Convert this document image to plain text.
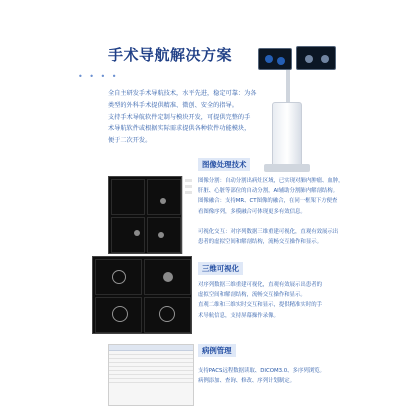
手术导航解决方案
• • • •
全自主研发手术导航技术，水平先进，稳定可靠：为各
类型的外科手术提供精准、微创、安全的指导。
支持手术导航软件定制与模块开发，可提供完整的手
术导航软件或根据实际需求提供各种软件功能模块，
便于二次开发。
图像处理技术
图像分割：自动分割出病灶区域，已实现对肺内肿瘤、血肿，
肝脏、心脏等部位的自动分割，AI辅助分割肺内解剖结构。
图像融合：支持MR、CT图像的融合，在同一框架下方便查
看图像序列，多模融合可体现更多有效信息。
可视化交互：对序列数据三维重建可视化，直观有效展示出
患者的虚拟空间和解剖结构，流畅交互操作和显示。
三维可视化
对序列数据三维重建可视化，直观有效展示出患者的
虚拟空间和解剖结构，流畅交互操作和显示。
直观二维和三维实时交互和显示，提供精准实时的手
术导航信息，支持屏幕操作录像。
病例管理
支持PACS远程数据读取、DICOM3.0、多序列浏览。
病例添加、查询、修改、序列计划制定。
